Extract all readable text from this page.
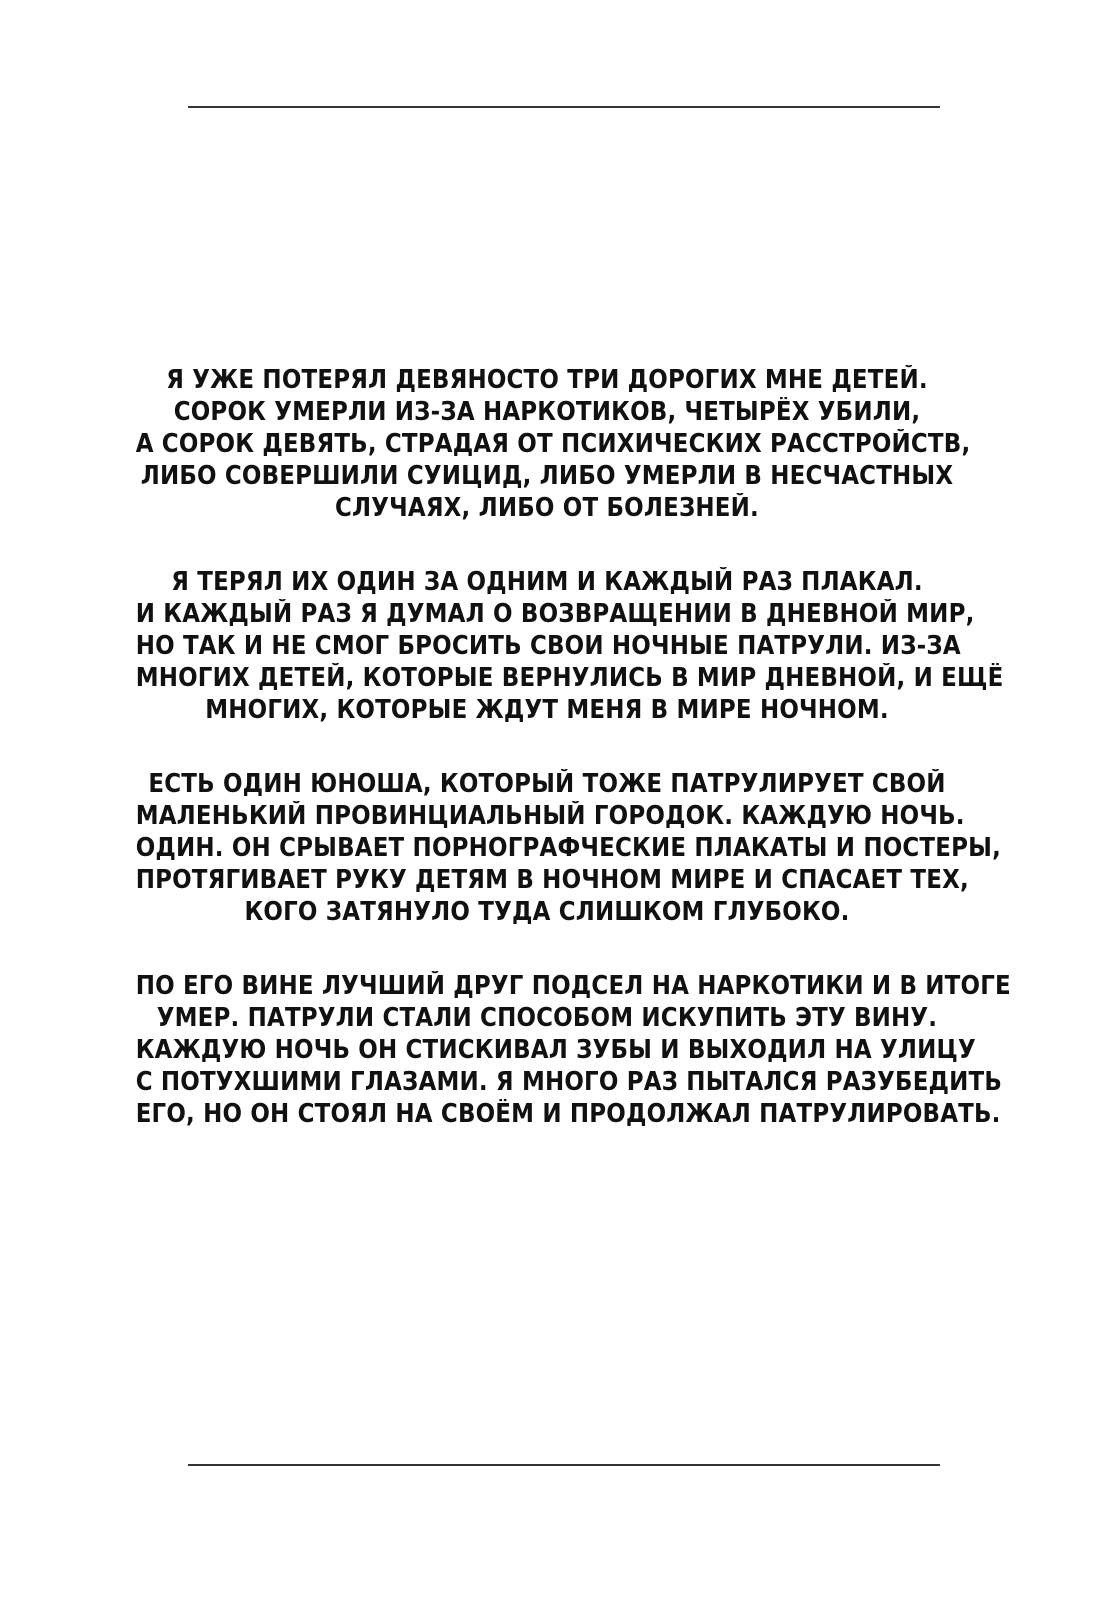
Я УЖЕ ПОТЕРЯЛ ДЕВЯНОСТО ТРИ ДОРОГИХ МНЕ ДЕТЕЙ.
СОРОК УМЕРЛИ ИЗ-ЗА НАРКОТИКОВ, ЧЕТЫРЁХ УБИЛИ,
А СОРОК ДЕВЯТЬ, СТРАДАЯ ОТ ПСИХИЧЕСКИХ РАССТРОЙСТВ,
ЛИБО СОВЕРШИЛИ СУИЦИД, ЛИБО УМЕРЛИ В НЕСЧАСТНЫХ
СЛУЧАЯХ, ЛИБО ОТ БОЛЕЗНЕЙ.

Я ТЕРЯЛ ИХ ОДИН ЗА ОДНИМ И КАЖДЫЙ РАЗ ПЛАКАЛ.
И КАЖДЫЙ РАЗ Я ДУМАЛ О ВОЗВРАЩЕНИИ В ДНЕВНОЙ МИР,
НО ТАК И НЕ СМОГ БРОСИТЬ СВОИ НОЧНЫЕ ПАТРУЛИ. ИЗ-ЗА
МНОГИХ ДЕТЕЙ, КОТОРЫЕ ВЕРНУЛИСЬ В МИР ДНЕВНОЙ, И ЕЩЁ
МНОГИХ, КОТОРЫЕ ЖДУТ МЕНЯ В МИРЕ НОЧНОМ.

ЕСТЬ ОДИН ЮНОША, КОТОРЫЙ ТОЖЕ ПАТРУЛИРУЕТ СВОЙ
МАЛЕНЬКИЙ ПРОВИНЦИАЛЬНЫЙ ГОРОДОК. КАЖДУЮ НОЧЬ.
ОДИН. ОН СРЫВАЕТ ПОРНОГРАФЧЕСКИЕ ПЛАКАТЫ И ПОСТЕРЫ,
ПРОТЯГИВАЕТ РУКУ ДЕТЯМ В НОЧНОМ МИРЕ И СПАСАЕТ ТЕХ,
КОГО ЗАТЯНУЛО ТУДА СЛИШКОМ ГЛУБОКО.

ПО ЕГО ВИНЕ ЛУЧШИЙ ДРУГ ПОДСЕЛ НА НАРКОТИКИ И В ИТОГЕ
УМЕР. ПАТРУЛИ СТАЛИ СПОСОБОМ ИСКУПИТЬ ЭТУ ВИНУ.
КАЖДУЮ НОЧЬ ОН СТИСКИВАЛ ЗУБЫ И ВЫХОДИЛ НА УЛИЦУ
С ПОТУХШИМИ ГЛАЗАМИ. Я МНОГО РАЗ ПЫТАЛСЯ РАЗУБЕДИТЬ
ЕГО, НО ОН СТОЯЛ НА СВОЁМ И ПРОДОЛЖАЛ ПАТРУЛИРОВАТЬ.
